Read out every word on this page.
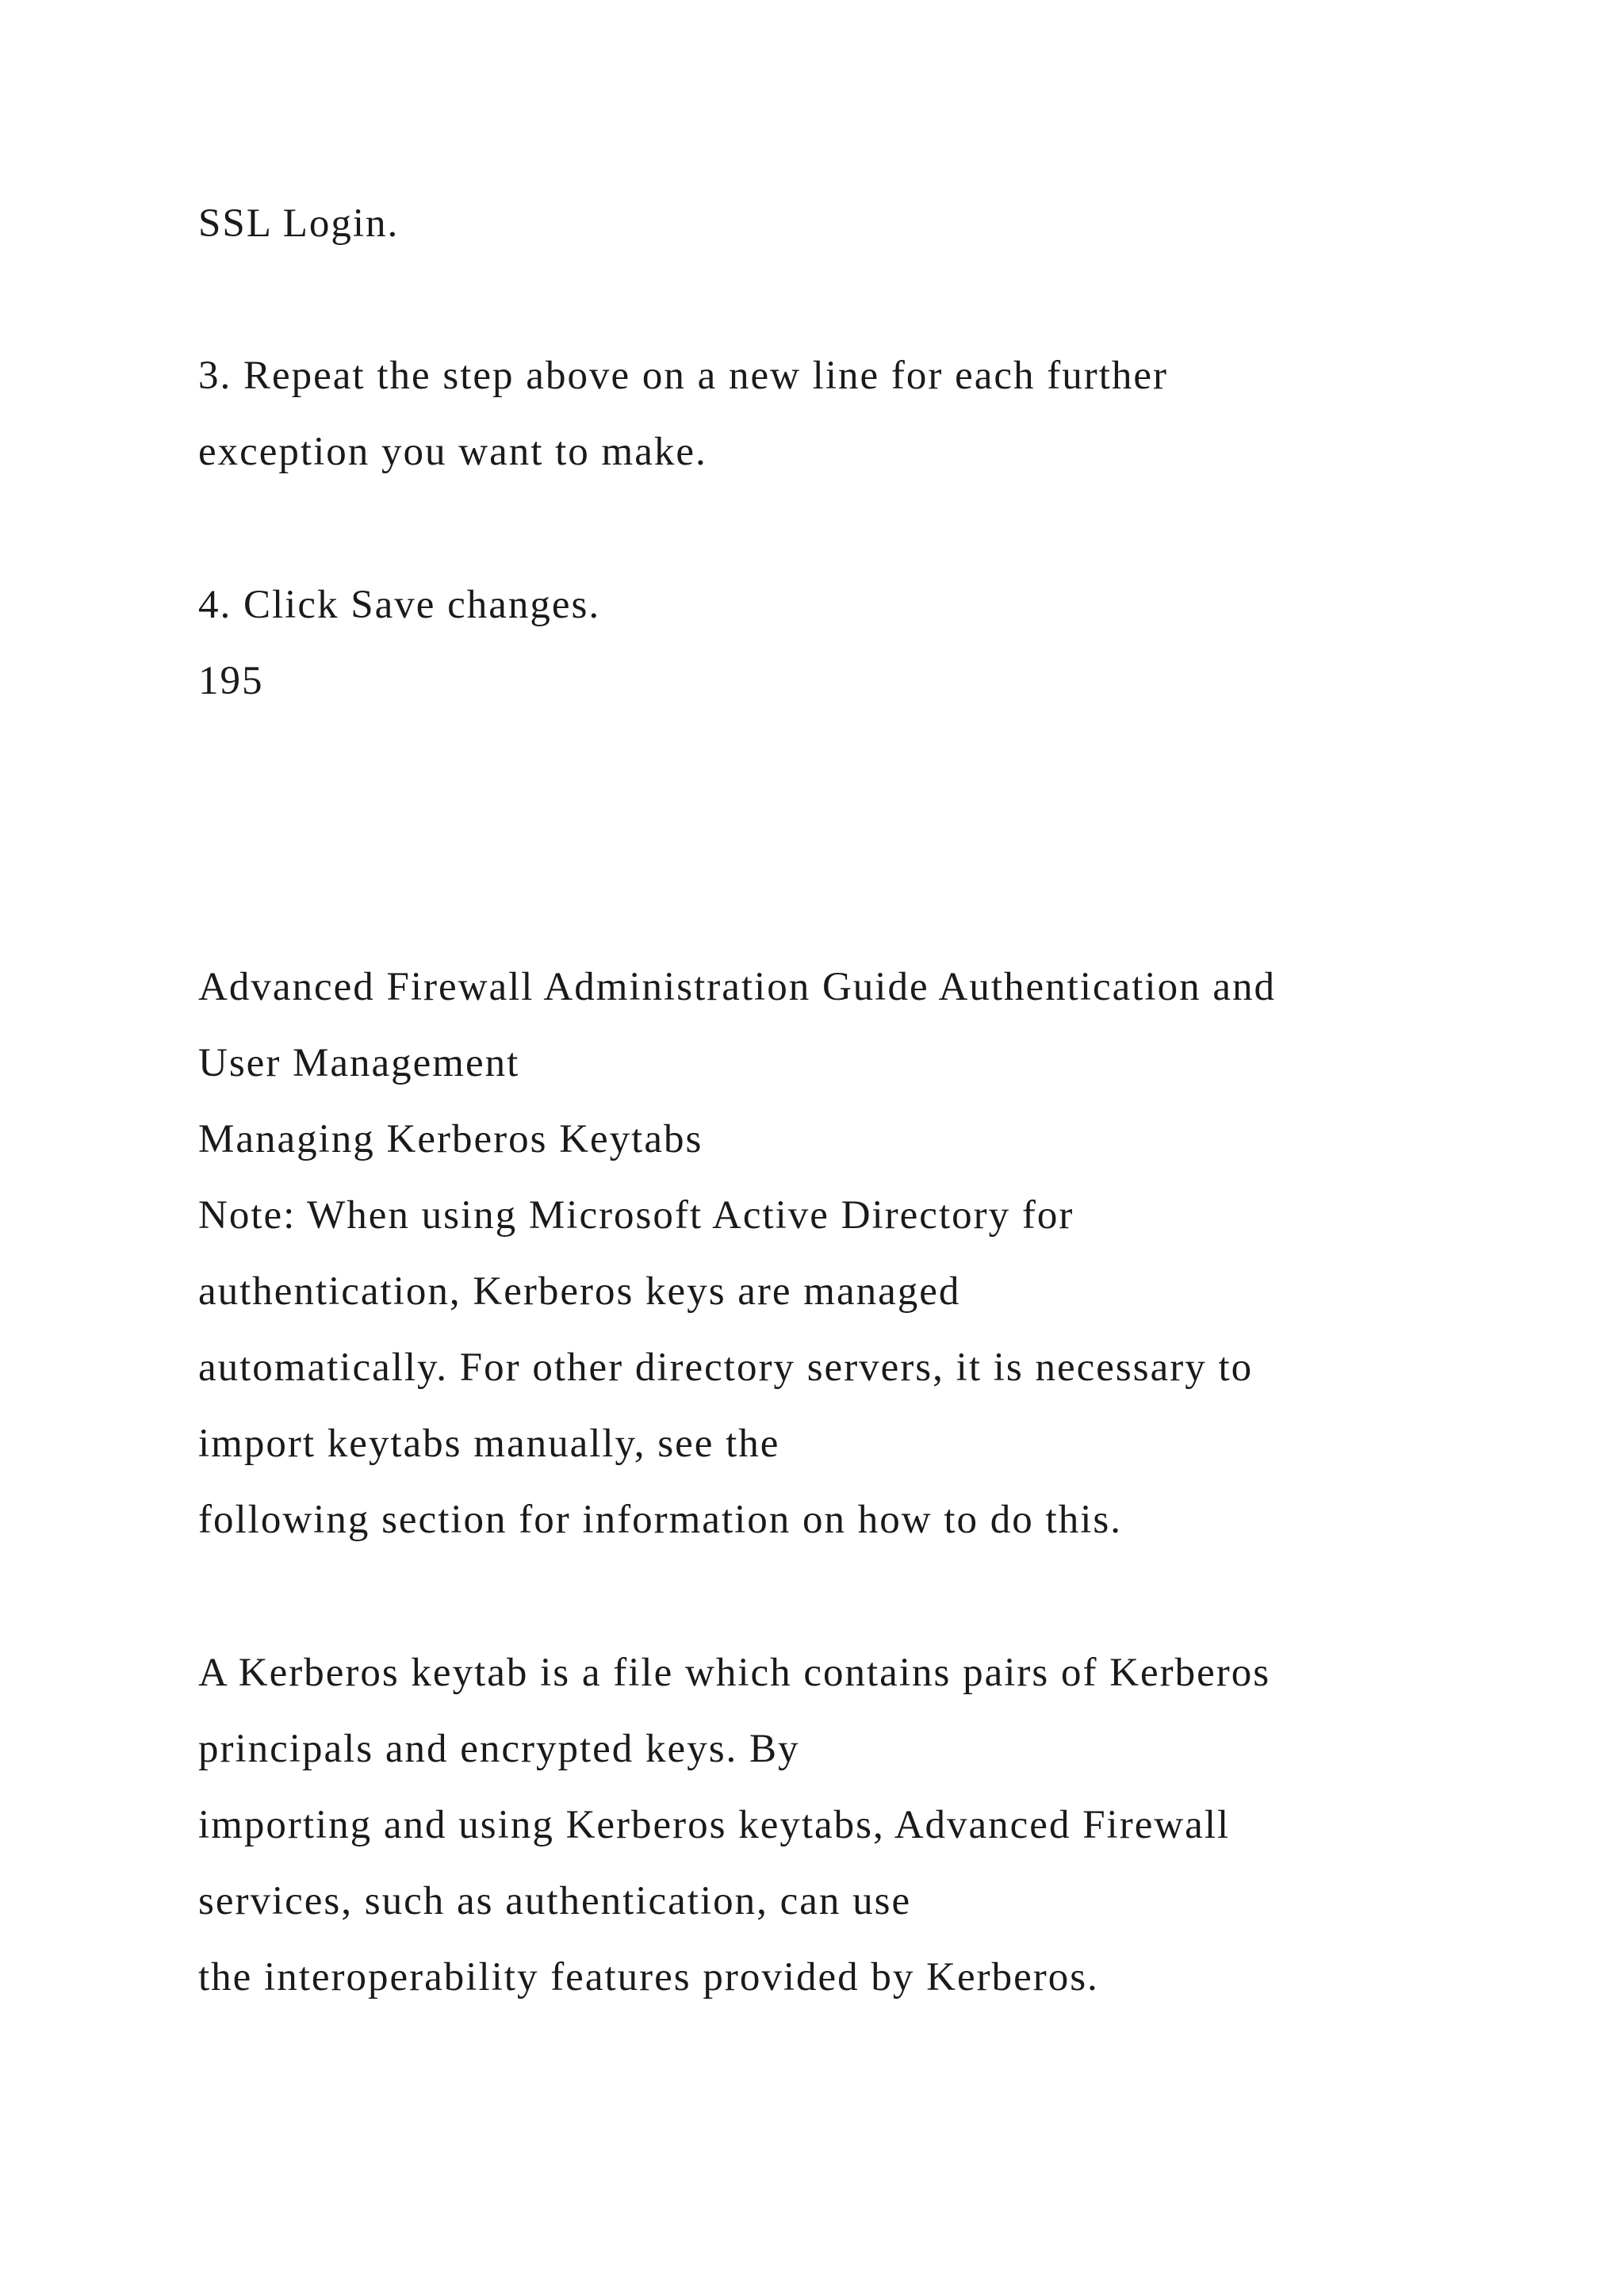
SSL Login.

3. Repeat the step above on a new line for each further

exception you want to make.

4. Click Save changes.

195

Advanced Firewall Administration Guide Authentication and

User Management

Managing Kerberos Keytabs

Note: When using Microsoft Active Directory for

authentication, Kerberos keys are managed

automatically. For other directory servers, it is necessary to

import keytabs manually, see the

following section for information on how to do this.

A Kerberos keytab is a file which contains pairs of Kerberos

principals and encrypted keys. By

importing and using Kerberos keytabs, Advanced Firewall

services, such as authentication, can use

the interoperability features provided by Kerberos.
